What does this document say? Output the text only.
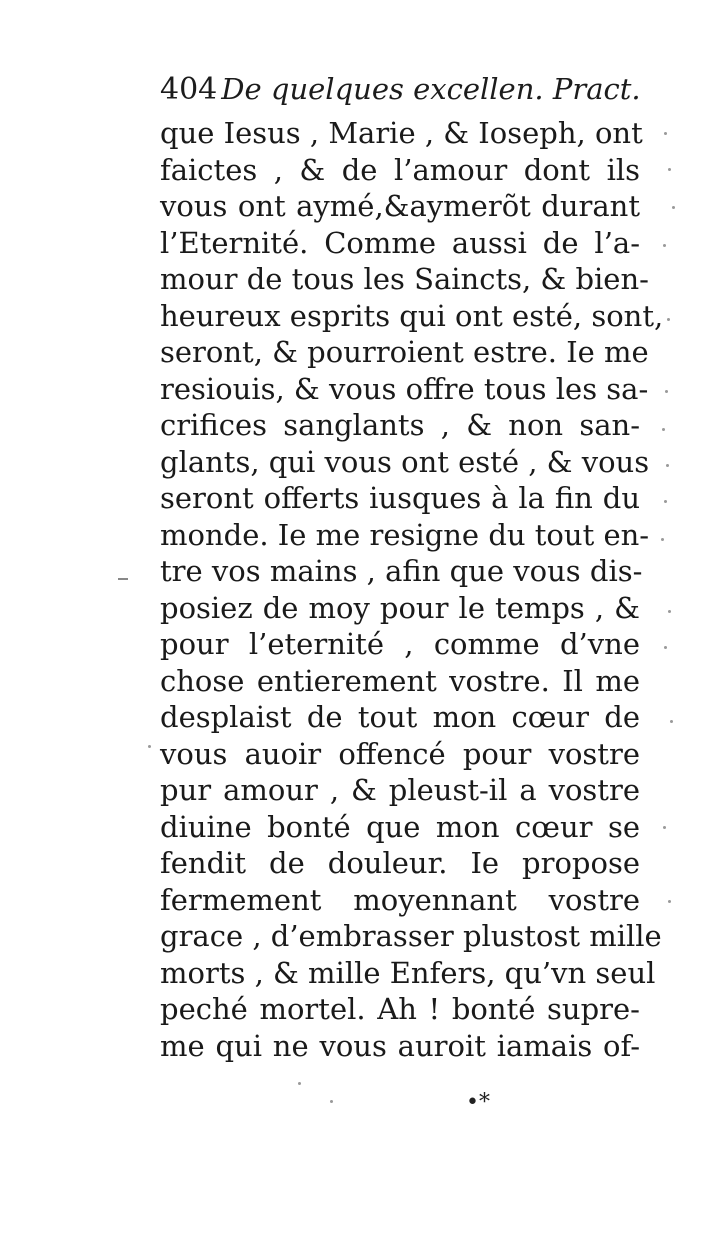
404 De quelques excellen. Pract.
que Iesus , Marie , & Ioseph, ont
faictes , & de l’amour dont ils
vous ont aymé,&aymerõt durant
l’Eternité. Comme aussi de l’a-
mour de tous les Saincts, & bien-
heureux esprits qui ont esté, sont,
seront, & pourroient estre. Ie me
resiouis, & vous offre tous les sa-
crifices sanglants , & non san-
glants, qui vous ont esté , & vous
seront offerts iusques à la fin du
monde. Ie me resigne du tout en-
tre vos mains , afin que vous dis-
posiez de moy pour le temps , &
pour l’eternité , comme d’vne
chose entierement vostre. Il me
desplaist de tout mon cœur de
vous auoir offencé pour vostre
pur amour , & pleust-il a vostre
diuine bonté que mon cœur se
fendit de douleur. Ie propose
fermement moyennant vostre
grace , d’embrasser plustost mille
morts , & mille Enfers, qu’vn seul
peché mortel. Ah ! bonté supre-
me qui ne vous auroit iamais of-
•*
